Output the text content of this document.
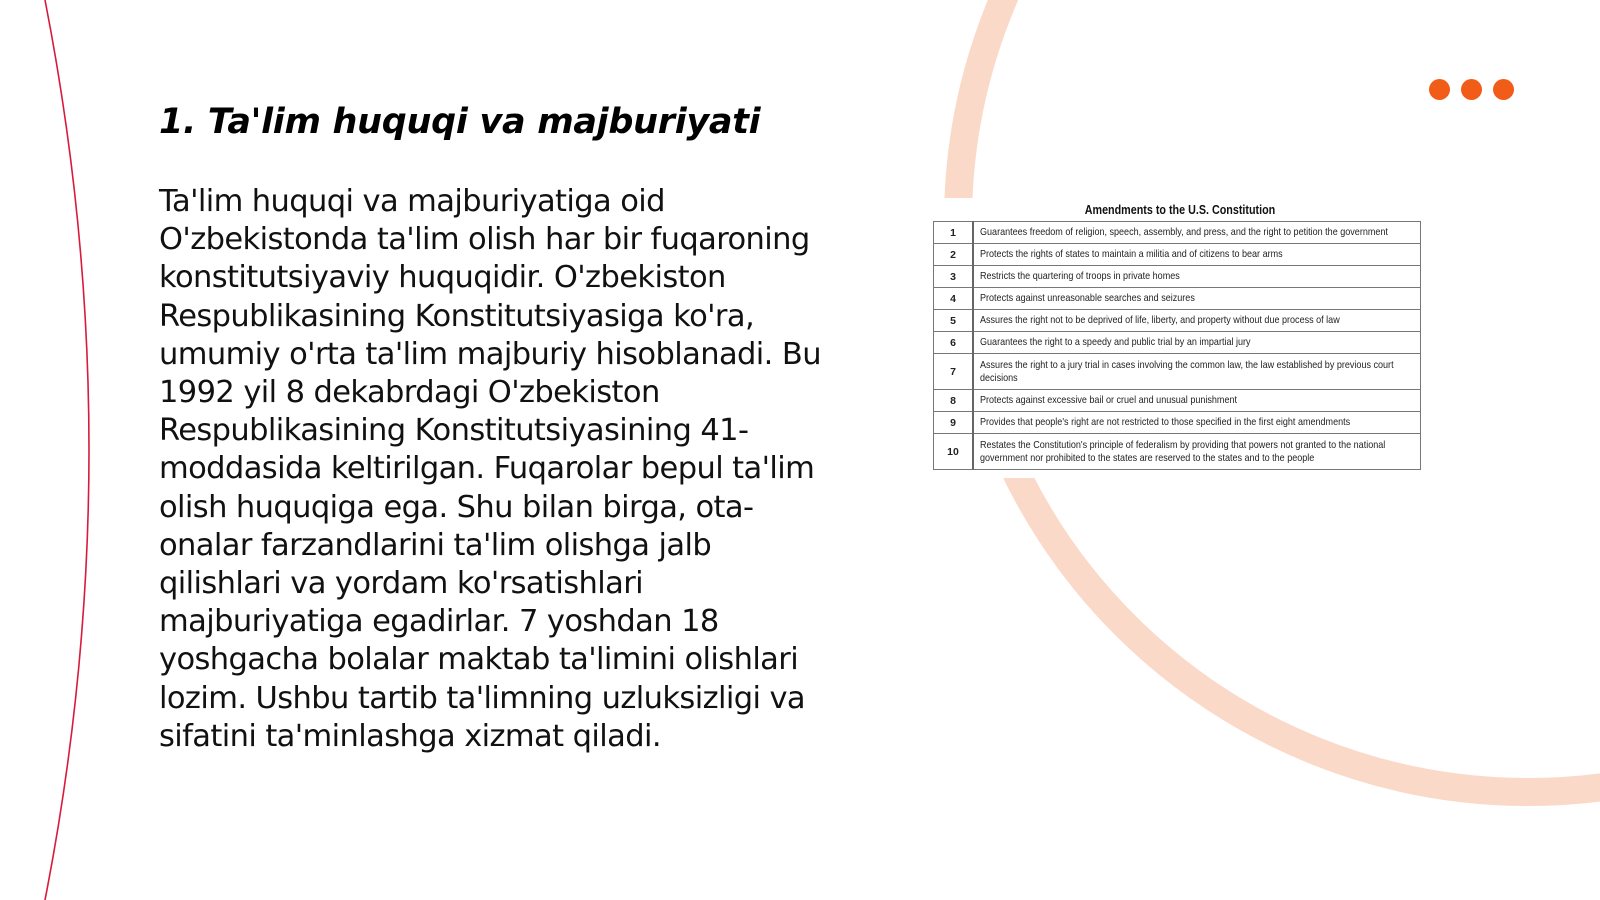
1. Ta'lim huquqi va majburiyati

Ta'lim huquqi va majburiyatiga oid
O'zbekistonda ta'lim olish har bir fuqaroning
konstitutsiyaviy huquqidir. O'zbekiston
Respublikasining Konstitutsiyasiga ko'ra,
umumiy o'rta ta'lim majburiy hisoblanadi. Bu
1992 yil 8 dekabrdagi O'zbekiston
Respublikasining Konstitutsiyasining 41-
moddasida keltirilgan. Fuqarolar bepul ta'lim
olish huquqiga ega. Shu bilan birga, ota-
onalar farzandlarini ta'lim olishga jalb
qilishlari va yordam ko'rsatishlari
majburiyatiga egadirlar. 7 yoshdan 18
yoshgacha bolalar maktab ta'limini olishlari
lozim. Ushbu tartib ta'limning uzluksizligi va
sifatini ta'minlashga xizmat qiladi.

Amendments to the U.S. Constitution
1	Guarantees freedom of religion, speech, assembly, and press, and the right to petition the government
2	Protects the rights of states to maintain a militia and of citizens to bear arms
3	Restricts the quartering of troops in private homes
4	Protects against unreasonable searches and seizures
5	Assures the right not to be deprived of life, liberty, and property without due process of law
6	Guarantees the right to a speedy and public trial by an impartial jury
7	Assures the right to a jury trial in cases involving the common law, the law established by previous court decisions
8	Protects against excessive bail or cruel and unusual punishment
9	Provides that people's right are not restricted to those specified in the first eight amendments
10	Restates the Constitution's principle of federalism by providing that powers not granted to the national government nor prohibited to the states are reserved to the states and to the people
